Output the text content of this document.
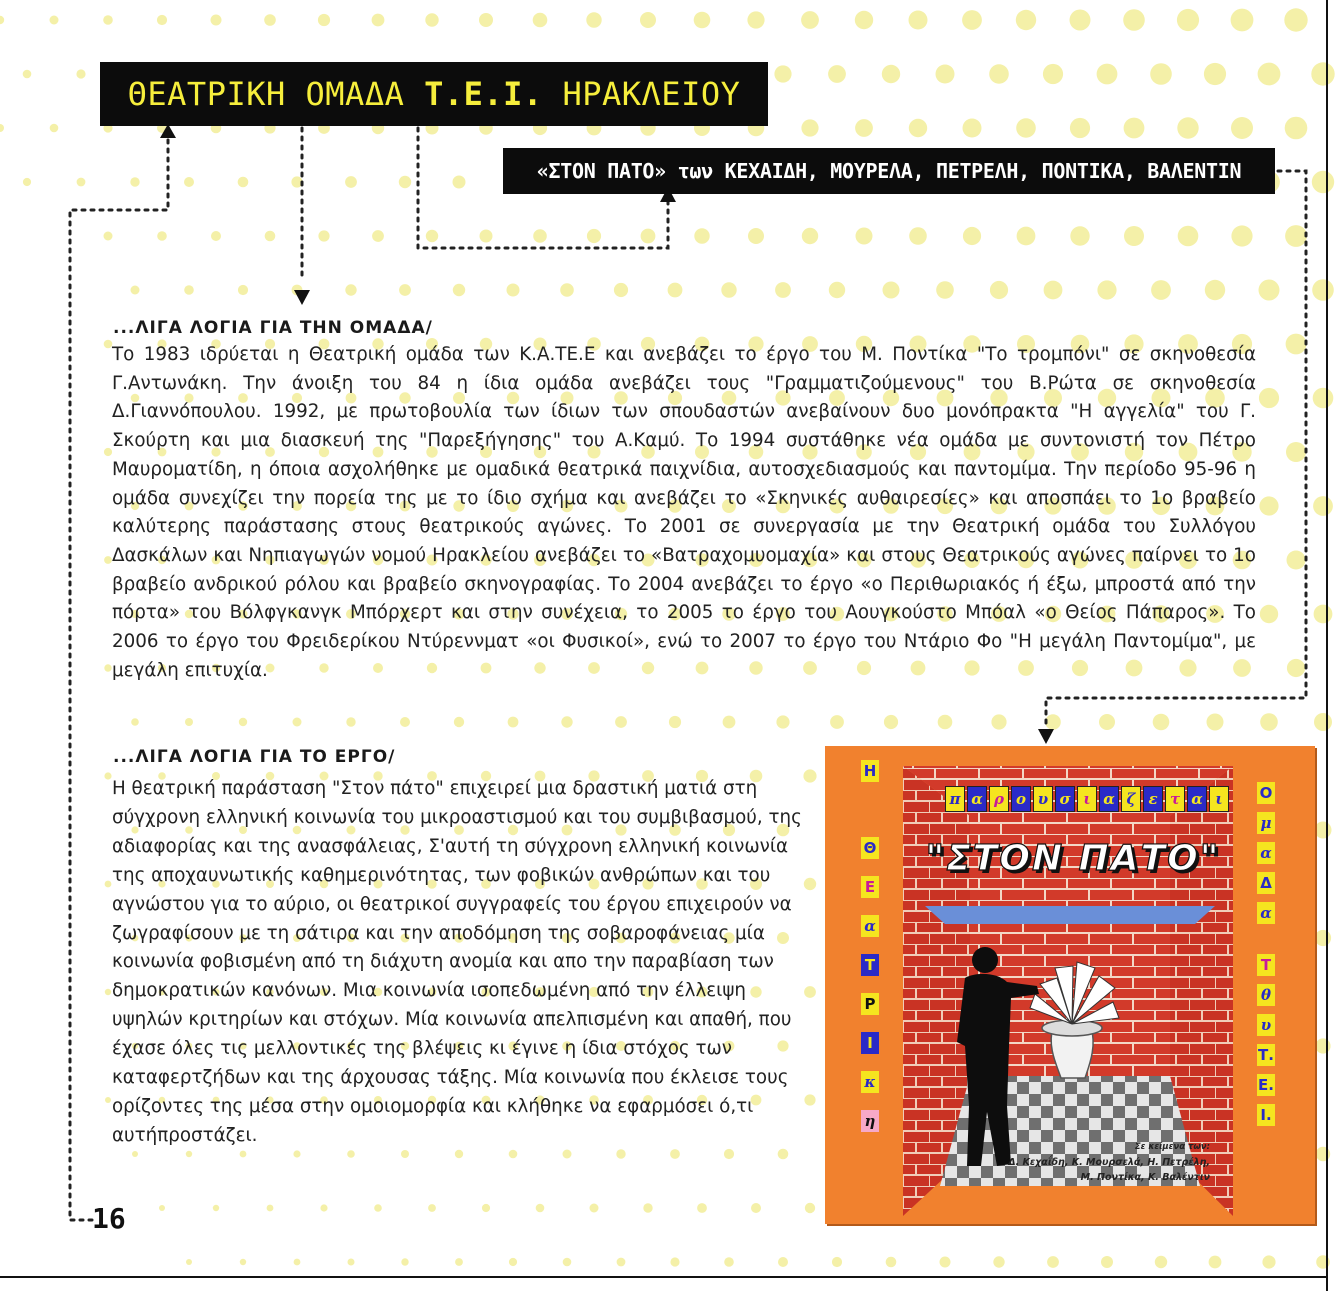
ΘΕΑΤΡΙΚΗ ΟΜΑΔΑ
Τ.Ε.Ι.
ΗΡΑΚΛΕΙΟΥ
«ΣΤΟΝ ΠΑΤΟ» των ΚΕΧΑΙΔΗ, ΜΟΥΡΕΛΑ, ΠΕΤΡΕΛΗ, ΠΟΝΤΙΚΑ, ΒΑΛΕΝΤΙΝ
...ΛΙΓΑ ΛΟΓΙΑ ΓΙΑ ΤΗΝ ΟΜΑΔΑ/

Το 1983 ιδρύεται η Θεατρική ομάδα των Κ.Α.ΤΕ.Ε και ανεβάζει το έργο του Μ. Ποντίκα "Το τρομπόνι" σε σκηνοθεσία Γ.Αντωνάκη. Την άνοιξη του 84 η ίδια ομάδα ανεβάζει τους "Γραμματιζούμενους" του Β.Ρώτα σε σκηνοθεσία Δ.Γιαννόπουλου. 1992, με πρωτοβουλία των ίδιων των σπουδαστών ανεβαίνουν δυο μονόπρακτα "Η αγγελία" του Γ. Σκούρτη και μια διασκευή της "Παρεξήγησης" του Α.Καμύ. Το 1994 συστάθηκε νέα ομάδα με συντονιστή τον Πέτρο Μαυροματίδη, η όποια ασχολήθηκε με ομαδικά θεατρικά παιχνίδια, αυτοσχεδιασμούς και παντομίμα. Την περίοδο 95-96 η ομάδα συνεχίζει την πορεία της με το ίδιο σχήμα και ανεβάζει το «Σκηνικές αυθαιρεσίες» και αποσπάει το 1ο βραβείο καλύτερης παράστασης στους θεατρικούς αγώνες. Το 2001 σε συνεργασία με την Θεατρική ομάδα του Συλλόγου Δασκάλων και Νηπιαγωγών νομού Ηρακλείου ανεβάζει το «Βατραχομυομαχία» και στους Θεατρικούς αγώνες παίρνει το 1ο βραβείο ανδρικού ρόλου και βραβείο σκηνογραφίας. Το 2004 ανεβάζει το έργο «ο Περιθωριακός ή έξω, μπροστά από την πόρτα» του Βόλφγκανγκ Μπόρχερτ και στην συνέχεια, το 2005 το έργο του Αουγκούστο Μπόαλ «ο Θείος Πάπαρος». Το 2006 το έργο του Φρειδερίκου Ντύρεννματ «οι Φυσικοί», ενώ το 2007 το έργο του Ντάριο Φο "Η μεγάλη Παντομίμα", με μεγάλη επιτυχία.

...ΛΙΓΑ ΛΟΓΙΑ ΓΙΑ ΤΟ ΕΡΓΟ/
Η θεατρική παράσταση "Στον πάτο" επιχειρεί μια δραστική ματιά στη σύγχρονη ελληνική κοινωνία του μικροαστισμού και του συμβιβασμού, της αδιαφορίας και της ανασφάλειας, Σ'αυτή τη σύγχρονη ελληνική κοινωνία της αποχαυνωτικής καθημερινότητας, των φοβικών ανθρώπων και του αγνώστου για το αύριο, οι θεατρικοί συγγραφείς του έργου επιχειρούν να ζωγραφίσουν με τη σάτιρα και την αποδόμηση της σοβαροφάνειας μία κοινωνία φοβισμένη από τη διάχυτη ανομία και απο την παραβίαση των δημοκρατικών κανόνων. Μια κοινωνία ισοπεδωμένη από την έλλειψη υψηλών κριτηρίων και στόχων. Μία κοινωνία απελπισμένη και απαθή, που έχασε όλες τις μελλοντικές της βλέψεις κι έγινε η ίδια στόχος των καταφερτζήδων και της άρχουσας τάξης. Μία κοινωνία που έκλεισε τους ορίζοντες της μέσα στην ομοιομορφία και κλήθηκε να εφαρμόσει ό,τι αυτήπροστάζει.
16
Η
Θ
Ε
α
Τ
Ρ
Ι
κ
η
Ο
μ
α
Δ
α
Τ
θ
υ
Τ.
Ε.
Ι.
π α ρ ο υ σ ι α ζ ε τ α ι
"ΣΤΟΝ ΠΑΤΟ"
Σε κείμενα των:
Δ. Κεχαΐδη, Κ. Μουρσελά, Η. Πετρέλη,
Μ. Ποντίκα, Κ. Βαλέντιν
